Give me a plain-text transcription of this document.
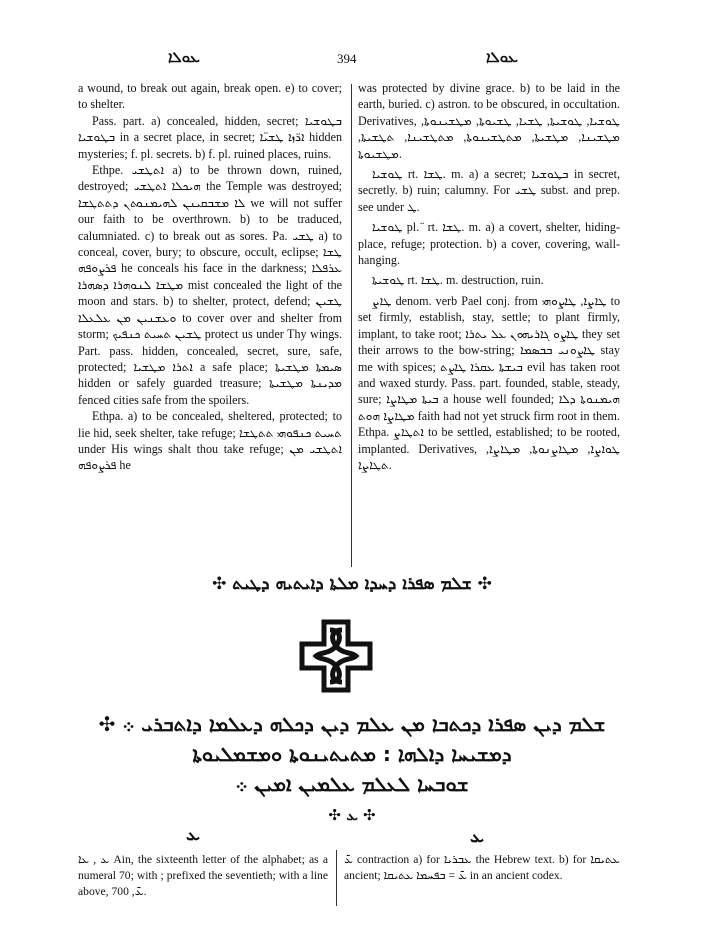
ܥܘܠܐ	394	ܥܘܠܐ

a wound, to break out again, break open. e) to cover; to shelter.

Pass. part. a) concealed, hidden, secret; ܒܛܘܫܝܐ ܒܛܘܫܝܐ in a secret place, in secret; ܐܪ̈ܙܐ ܛܫܝ̈ܐ hidden mysteries; f. pl. secrets. b) f. pl. ruined places, ruins.

Ethpe. ܐܬܛܫܝ a) to be thrown down, ruined, destroyed; ܗܝܟܠܐ ܐܬܛܫܝ the Temple was destroyed; ܠܐ ܡܫܒܩܝܢܢ ܠܗܝܡܢܘܬܢ ܕܬܬܛܫܐ we will not suffer our faith to be overthrown. b) to be traduced, calumniated. c) to break out as sores. Pa. ܛܫܝ a) to conceal, cover, bury; to obscure, occult, eclipse; ܛܫܐ ܦܪܨܘܦܗ he conceals his face in the darkness; ܥܪܦܠܐ ܡܛܫܐ ܠܢܘܗܪܐ ܕܣܗܪܐ mist concealed the light of the moon and stars. b) to shelter, protect, defend; ܛܫܝܢ ܘܥܫܢܝܢ ܡܢ ܥܠܥܠܐ to cover over and shelter from storm; ܛܫܝܢ ܬܚܝܬ ܟܢܦܝܟ protect us under Thy wings. Part. pass. hidden, concealed, secret, sure, safe, protected; ܐܬܪܐ ܡܛܫܝܐ a safe place; ܣܝܡܬܐ ܡܛܫܝܬܐ hidden or safely guarded treasure; ܡܕܝܢܬܐ ܡܛܫܝܬܐ fenced cities safe from the spoilers.

Ethpa. a) to be concealed, sheltered, protected; to lie hid, seek shelter, take refuge; ܬܚܝܬ ܟܢܦܘܗܝ ܬܬܛܫܐ under His wings shalt thou take refuge; ܐܬܛܫܝ ܡܢ ܦܪܨܘܦܗ he

was protected by divine grace. b) to be laid in the earth, buried. c) astron. to be obscured, in occultation. Derivatives, ܛܘܫܝܐ, ܛܘܫܝܬܐ, ܛܫܝܐ, ܛܫܝܘܬܐ, ܡܛܫܝܢܘܬܐ, ܡܛܫܝܢܐ, ܡܛܫܝܬܐ, ܡܬܛܫܝܢܘܬܐ, ܡܬܛܫܝܢܐ, ܬܛܫܝܬܐ, ܡܛܫܝܘܬܐ.

ܛܘܫܝܐ rt. ܛܫܐ. m. a) a secret; ܒܛܘܫܝܐ in secret, secretly. b) ruin; calumny. For ܛܫܝ subst. and prep. see under ܛ.

ܛܘܫܝܐ pl. ̈ rt. ܛܫܐ. m. a) a covert, shelter, hiding-place, refuge; protection. b) a cover, covering, wall-hanging.

ܛܘܫܝܬܐ rt. ܛܫܐ. m. destruction, ruin.

ܛܐܨ denom. verb Pael conj. from ܛܐܨܐ, ܛܐܨܘܗܝ to set firmly, establish, stay, settle; to plant firmly, implant, to take root; ܛܐܨܘ ܓܐܪܝܗܘܢ ܥܠ ܝܬܪܐ they set their arrows to the bow-string; ܛܐܨܘܢܝ ܒܒܣܡܐ stay me with spices; ܒܝܫܬܐ ܥܩܪܐ ܛܐܨܬ evil has taken root and waxed sturdy. Pass. part. founded, stable, steady, sure; ܒܝܬܐ ܡܛܐܨܐ a house well founded; ܗܝܡܢܘܬܐ ܕܠܐ ܡܛܐܨܐ ܗܘܬ faith had not yet struck firm root in them. Ethpa. ܐܬܛܐܨ to be settled, established; to be rooted, implanted. Derivatives, ܛܘܐܨܐ, ܡܛܐܨܢܘܬܐ, ܡܛܐܨܐ, ܬܛܐܨܐ.

✣ ܫܠܡ ܣܦܪܐ ܕܚܕܐ ܡܠܬܐ ܕܐܝܬܝܗ ܕܛܝܬ ✣
✣ ܫܠܡ ܕܝܢ ܣܦܪܐ ܕܟܬܒܐ ܡܢ ܥܠܡ ܕܝܢ ܕܟܠܗ ܕܥܠܡܐ ܕܐܬܒܪܝ ܀
ܕܡܫܝܚܐ ܕܐܠܗܐ : ܡܬܝܬܝܢܘܬܐ ܘܡܫܡܠܝܘܬܐ
ܫܘܒܚܐ ܠܥܠܡ ܥܠܡܝܢ ܐܡܝܢ ܀
✣ ܥ ✣
ܥ	ܥ

ܥ , ܥܐ Ain, the sixteenth letter of the alphabet; as a numeral 70; with ; prefixed the seventieth; with a line above, ܥ̄, 700.

ܥ̄ contraction a) for ܥܒܪܝܐ the Hebrew text. b) for ܥܬܝܩܐ ancient; ܥ̄ = ܒܦܚܡܐ ܥܬܝܩܐ in an ancient codex.
